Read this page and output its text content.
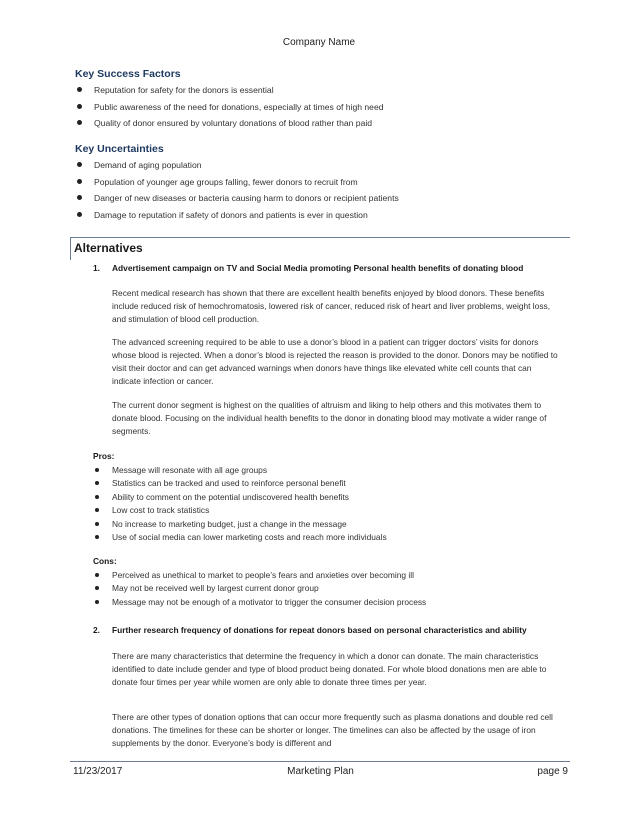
Company Name
Key Success Factors
Reputation for safety for the donors is essential
Public awareness of the need for donations, especially at times of high need
Quality of donor ensured by voluntary donations of blood rather than paid
Key Uncertainties
Demand of aging population
Population of younger age groups falling, fewer donors to recruit from
Danger of new diseases or bacteria causing harm to donors or recipient patients
Damage to reputation if safety of donors and patients is ever in question
Alternatives
1. Advertisement campaign on TV and Social Media promoting Personal health benefits of donating blood

Recent medical research has shown that there are excellent health benefits enjoyed by blood donors. These benefits include reduced risk of hemochromatosis, lowered risk of cancer, reduced risk of heart and liver problems, weight loss, and stimulation of blood cell production.

The advanced screening required to be able to use a donor’s blood in a patient can trigger doctors’ visits for donors whose blood is rejected. When a donor’s blood is rejected the reason is provided to the donor. Donors may be notified to visit their doctor and can get advanced warnings when donors have things like elevated white cell counts that can indicate infection or cancer.

The current donor segment is highest on the qualities of altruism and liking to help others and this motivates them to donate blood. Focusing on the individual health benefits to the donor in donating blood may motivate a wider range of segments.

Pros:
Message will resonate with all age groups
Statistics can be tracked and used to reinforce personal benefit
Ability to comment on the potential undiscovered health benefits
Low cost to track statistics
No increase to marketing budget, just a change in the message
Use of social media can lower marketing costs and reach more individuals
Cons:
Perceived as unethical to market to people’s fears and anxieties over becoming ill
May not be received well by largest current donor group
Message may not be enough of a motivator to trigger the consumer decision process
2. Further research frequency of donations for repeat donors based on personal characteristics and ability

There are many characteristics that determine the frequency in which a donor can donate. The main characteristics identified to date include gender and type of blood product being donated. For whole blood donations men are able to donate four times per year while women are only able to donate three times per year.

There are other types of donation options that can occur more frequently such as plasma donations and double red cell donations. The timelines for these can be shorter or longer. The timelines can also be affected by the usage of iron supplements by the donor. Everyone’s body is different and

11/23/2017	Marketing Plan	page 9
